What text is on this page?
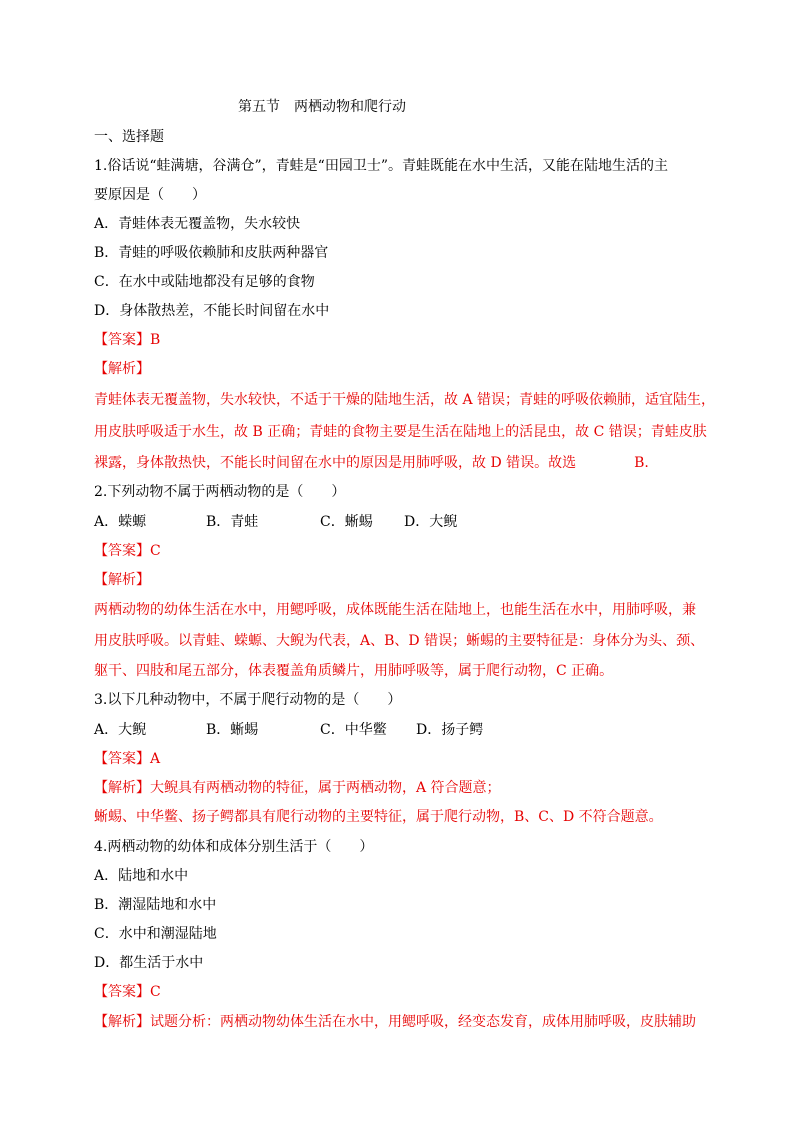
第五节　两栖动物和爬行动
一、选择题
1.俗话说“蛙满塘，谷满仓”，青蛙是“田园卫士”。青蛙既能在水中生活，又能在陆地生活的主
要原因是（　　）
A．青蛙体表无覆盖物，失水较快
B．青蛙的呼吸依赖肺和皮肤两种器官
C．在水中或陆地都没有足够的食物
D．身体散热差，不能长时间留在水中
【答案】B
【解析】
青蛙体表无覆盖物，失水较快，不适于干燥的陆地生活，故 A 错误；青蛙的呼吸依赖肺，适宜陆生，
用皮肤呼吸适于水生，故 B 正确；青蛙的食物主要是生活在陆地上的活昆虫，故 C 错误；青蛙皮肤
裸露，身体散热快，不能长时间留在水中的原因是用肺呼吸，故 D 错误。故选	B.
2.下列动物不属于两栖动物的是（　　）
A．蝾螈	B．青蛙	C．蜥蜴 D．大鲵
【答案】C
【解析】
两栖动物的幼体生活在水中，用鳃呼吸，成体既能生活在陆地上，也能生活在水中，用肺呼吸，兼
用皮肤呼吸。以青蛙、蝾螈、大鲵为代表，A、B、D 错误；蜥蜴的主要特征是：身体分为头、颈、
躯干、四肢和尾五部分，体表覆盖角质鳞片，用肺呼吸等，属于爬行动物，C 正确。
3.以下几种动物中，不属于爬行动物的是（　　）
A．大鲵	B．蜥蜴	C．中华鳖 D．扬子鳄
【答案】A
【解析】大鲵具有两栖动物的特征，属于两栖动物，A 符合题意；
蜥蜴、中华鳖、扬子鳄都具有爬行动物的主要特征，属于爬行动物，B、C、D 不符合题意。
4.两栖动物的幼体和成体分别生活于（　　）
A．陆地和水中
B．潮湿陆地和水中
C．水中和潮湿陆地
D．都生活于水中
【答案】C
【解析】试题分析：两栖动物幼体生活在水中，用鳃呼吸，经变态发育，成体用肺呼吸，皮肤辅助
